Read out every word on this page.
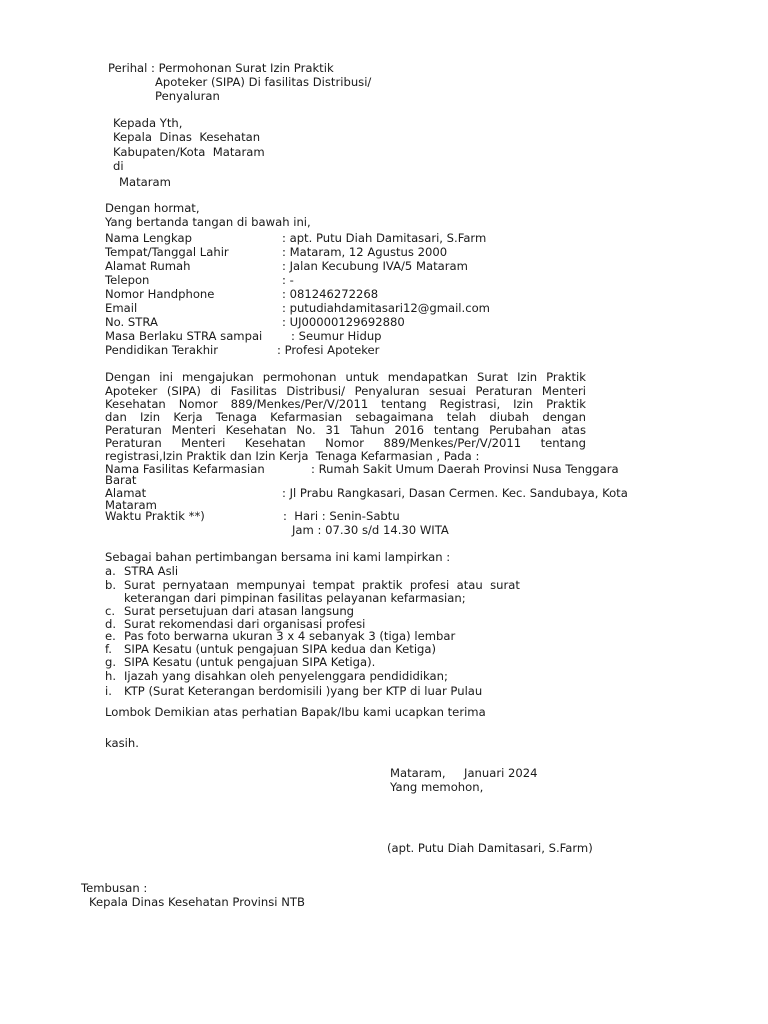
Perihal : Permohonan Surat Izin Praktik
Apoteker (SIPA) Di fasilitas Distribusi/
Penyaluran
Kepada Yth,
Kepala  Dinas  Kesehatan
Kabupaten/Kota  Mataram
di
Mataram
Dengan hormat,
Yang bertanda tangan di bawah ini,
Nama Lengkap	: apt. Putu Diah Damitasari, S.Farm
Tempat/Tanggal Lahir	: Mataram, 12 Agustus 2000
Alamat Rumah	: Jalan Kecubung IVA/5 Mataram
Telepon	: -
Nomor Handphone	: 081246272268
Email	: putudiahdamitasari12@gmail.com
No. STRA	: UJ00000129692880
Masa Berlaku STRA sampai : Seumur Hidup
Pendidikan Terakhir	: Profesi Apoteker
Dengan ini mengajukan permohonan untuk mendapatkan Surat Izin Praktik
Apoteker (SIPA) di Fasilitas Distribusi/ Penyaluran sesuai Peraturan Menteri
Kesehatan Nomor 889/Menkes/Per/V/2011 tentang Registrasi, Izin Praktik
dan Izin Kerja Tenaga Kefarmasian sebagaimana telah diubah dengan
Peraturan Menteri Kesehatan No. 31 Tahun 2016 tentang Perubahan atas
Peraturan Menteri Kesehatan Nomor 889/Menkes/Per/V/2011 tentang
registrasi,Izin Praktik dan Izin Kerja  Tenaga Kefarmasian , Pada :
Nama Fasilitas Kefarmasian	: Rumah Sakit Umum Daerah Provinsi Nusa Tenggara
Barat
Alamat	: Jl Prabu Rangkasari, Dasan Cermen. Kec. Sandubaya, Kota
Mataram
Waktu Praktik **)	:  Hari : Senin-Sabtu
Jam : 07.30 s/d 14.30 WITA
Sebagai bahan pertimbangan bersama ini kami lampirkan :
a. STRA Asli
b. Surat  pernyataan  mempunyai  tempat  praktik  profesi  atau  surat
keterangan dari pimpinan fasilitas pelayanan kefarmasian;
c. Surat persetujuan dari atasan langsung
d. Surat rekomendasi dari organisasi profesi
e. Pas foto berwarna ukuran 3 x 4 sebanyak 3 (tiga) lembar
f. SIPA Kesatu (untuk pengajuan SIPA kedua dan Ketiga)
g. SIPA Kesatu (untuk pengajuan SIPA Ketiga).
h. Ijazah yang disahkan oleh penyelenggara pendididikan;
i. KTP (Surat Keterangan berdomisili )yang ber KTP di luar Pulau
Lombok Demikian atas perhatian Bapak/Ibu kami ucapkan terima
kasih.
Mataram,     Januari 2024
Yang memohon,
(apt. Putu Diah Damitasari, S.Farm)
Tembusan :
Kepala Dinas Kesehatan Provinsi NTB
